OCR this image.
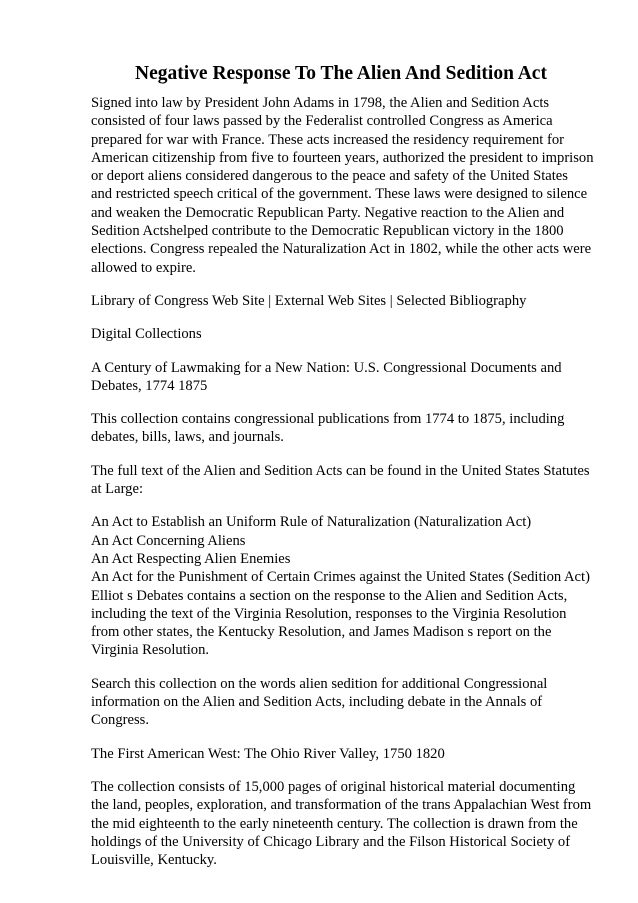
Negative Response To The Alien And Sedition Act
Signed into law by President John Adams in 1798, the Alien and Sedition Acts
consisted of four laws passed by the Federalist controlled Congress as America
prepared for war with France. These acts increased the residency requirement for
American citizenship from five to fourteen years, authorized the president to imprison
or deport aliens considered dangerous to the peace and safety of the United States
and restricted speech critical of the government. These laws were designed to silence
and weaken the Democratic Republican Party. Negative reaction to the Alien and
Sedition Actshelped contribute to the Democratic Republican victory in the 1800
elections. Congress repealed the Naturalization Act in 1802, while the other acts were
allowed to expire.
Library of Congress Web Site | External Web Sites | Selected Bibliography
Digital Collections
A Century of Lawmaking for a New Nation: U.S. Congressional Documents and
Debates, 1774 1875
This collection contains congressional publications from 1774 to 1875, including
debates, bills, laws, and journals.
The full text of the Alien and Sedition Acts can be found in the United States Statutes
at Large:
An Act to Establish an Uniform Rule of Naturalization (Naturalization Act)
An Act Concerning Aliens
An Act Respecting Alien Enemies
An Act for the Punishment of Certain Crimes against the United States (Sedition Act)
Elliot s Debates contains a section on the response to the Alien and Sedition Acts,
including the text of the Virginia Resolution, responses to the Virginia Resolution
from other states, the Kentucky Resolution, and James Madison s report on the
Virginia Resolution.
Search this collection on the words alien sedition for additional Congressional
information on the Alien and Sedition Acts, including debate in the Annals of
Congress.
The First American West: The Ohio River Valley, 1750 1820
The collection consists of 15,000 pages of original historical material documenting
the land, peoples, exploration, and transformation of the trans Appalachian West from
the mid eighteenth to the early nineteenth century. The collection is drawn from the
holdings of the University of Chicago Library and the Filson Historical Society of
Louisville, Kentucky.
